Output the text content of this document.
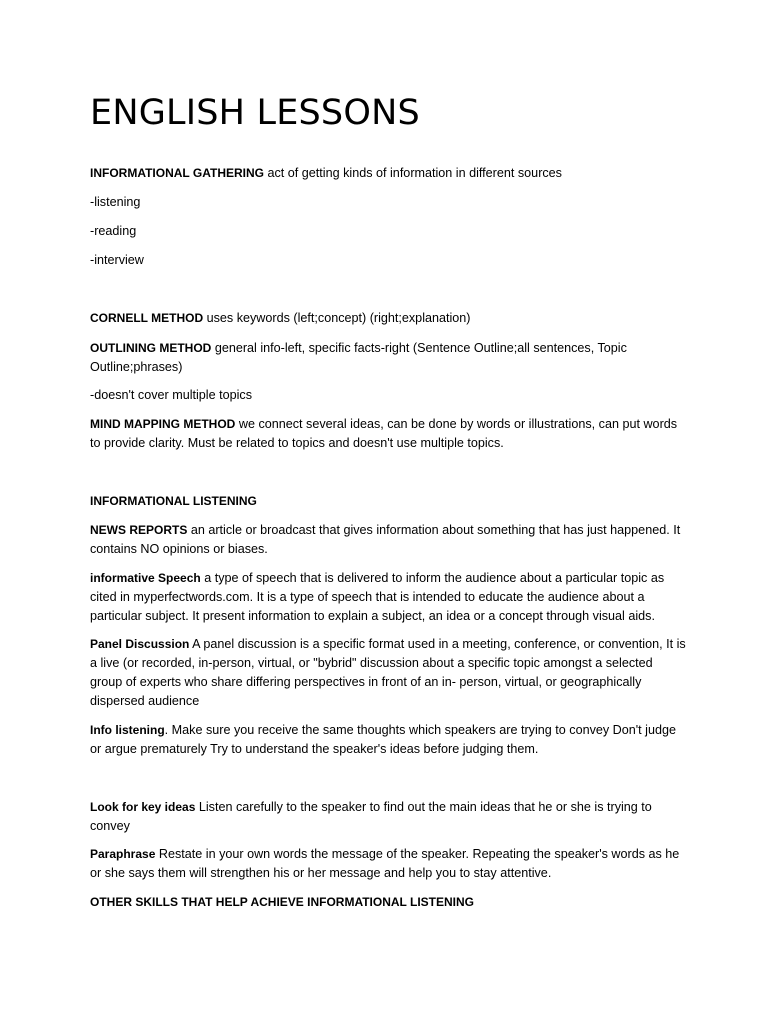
ENGLISH LESSONS

INFORMATIONAL GATHERING act of getting kinds of information in different sources

-listening

-reading

-interview

CORNELL METHOD uses keywords (left;concept) (right;explanation)

OUTLINING METHOD general info-left, specific facts-right (Sentence Outline;all sentences, Topic Outline;phrases)

-doesn't cover multiple topics

MIND MAPPING METHOD we connect several ideas, can be done by words or illustrations, can put words to provide clarity. Must be related to topics and doesn't use multiple topics.

INFORMATIONAL LISTENING

NEWS REPORTS an article or broadcast that gives information about something that has just happened. It contains NO opinions or biases.

informative Speech a type of speech that is delivered to inform the audience about a particular topic as cited in myperfectwords.com. It is a type of speech that is intended to educate the audience about a particular subject. It present information to explain a subject, an idea or a concept through visual aids.

Panel Discussion A panel discussion is a specific format used in a meeting, conference, or convention, It is a live (or recorded, in-person, virtual, or "bybrid" discussion about a specific topic amongst a selected group of experts who share differing perspectives in front of an in- person, virtual, or geographically dispersed audience

Info listening. Make sure you receive the same thoughts which speakers are trying to convey Don't judge or argue prematurely Try to understand the speaker's ideas before judging them.

Look for key ideas Listen carefully to the speaker to find out the main ideas that he or she is trying to convey

Paraphrase Restate in your own words the message of the speaker. Repeating the speaker's words as he or she says them will strengthen his or her message and help you to stay attentive.

OTHER SKILLS THAT HELP ACHIEVE INFORMATIONAL LISTENING
